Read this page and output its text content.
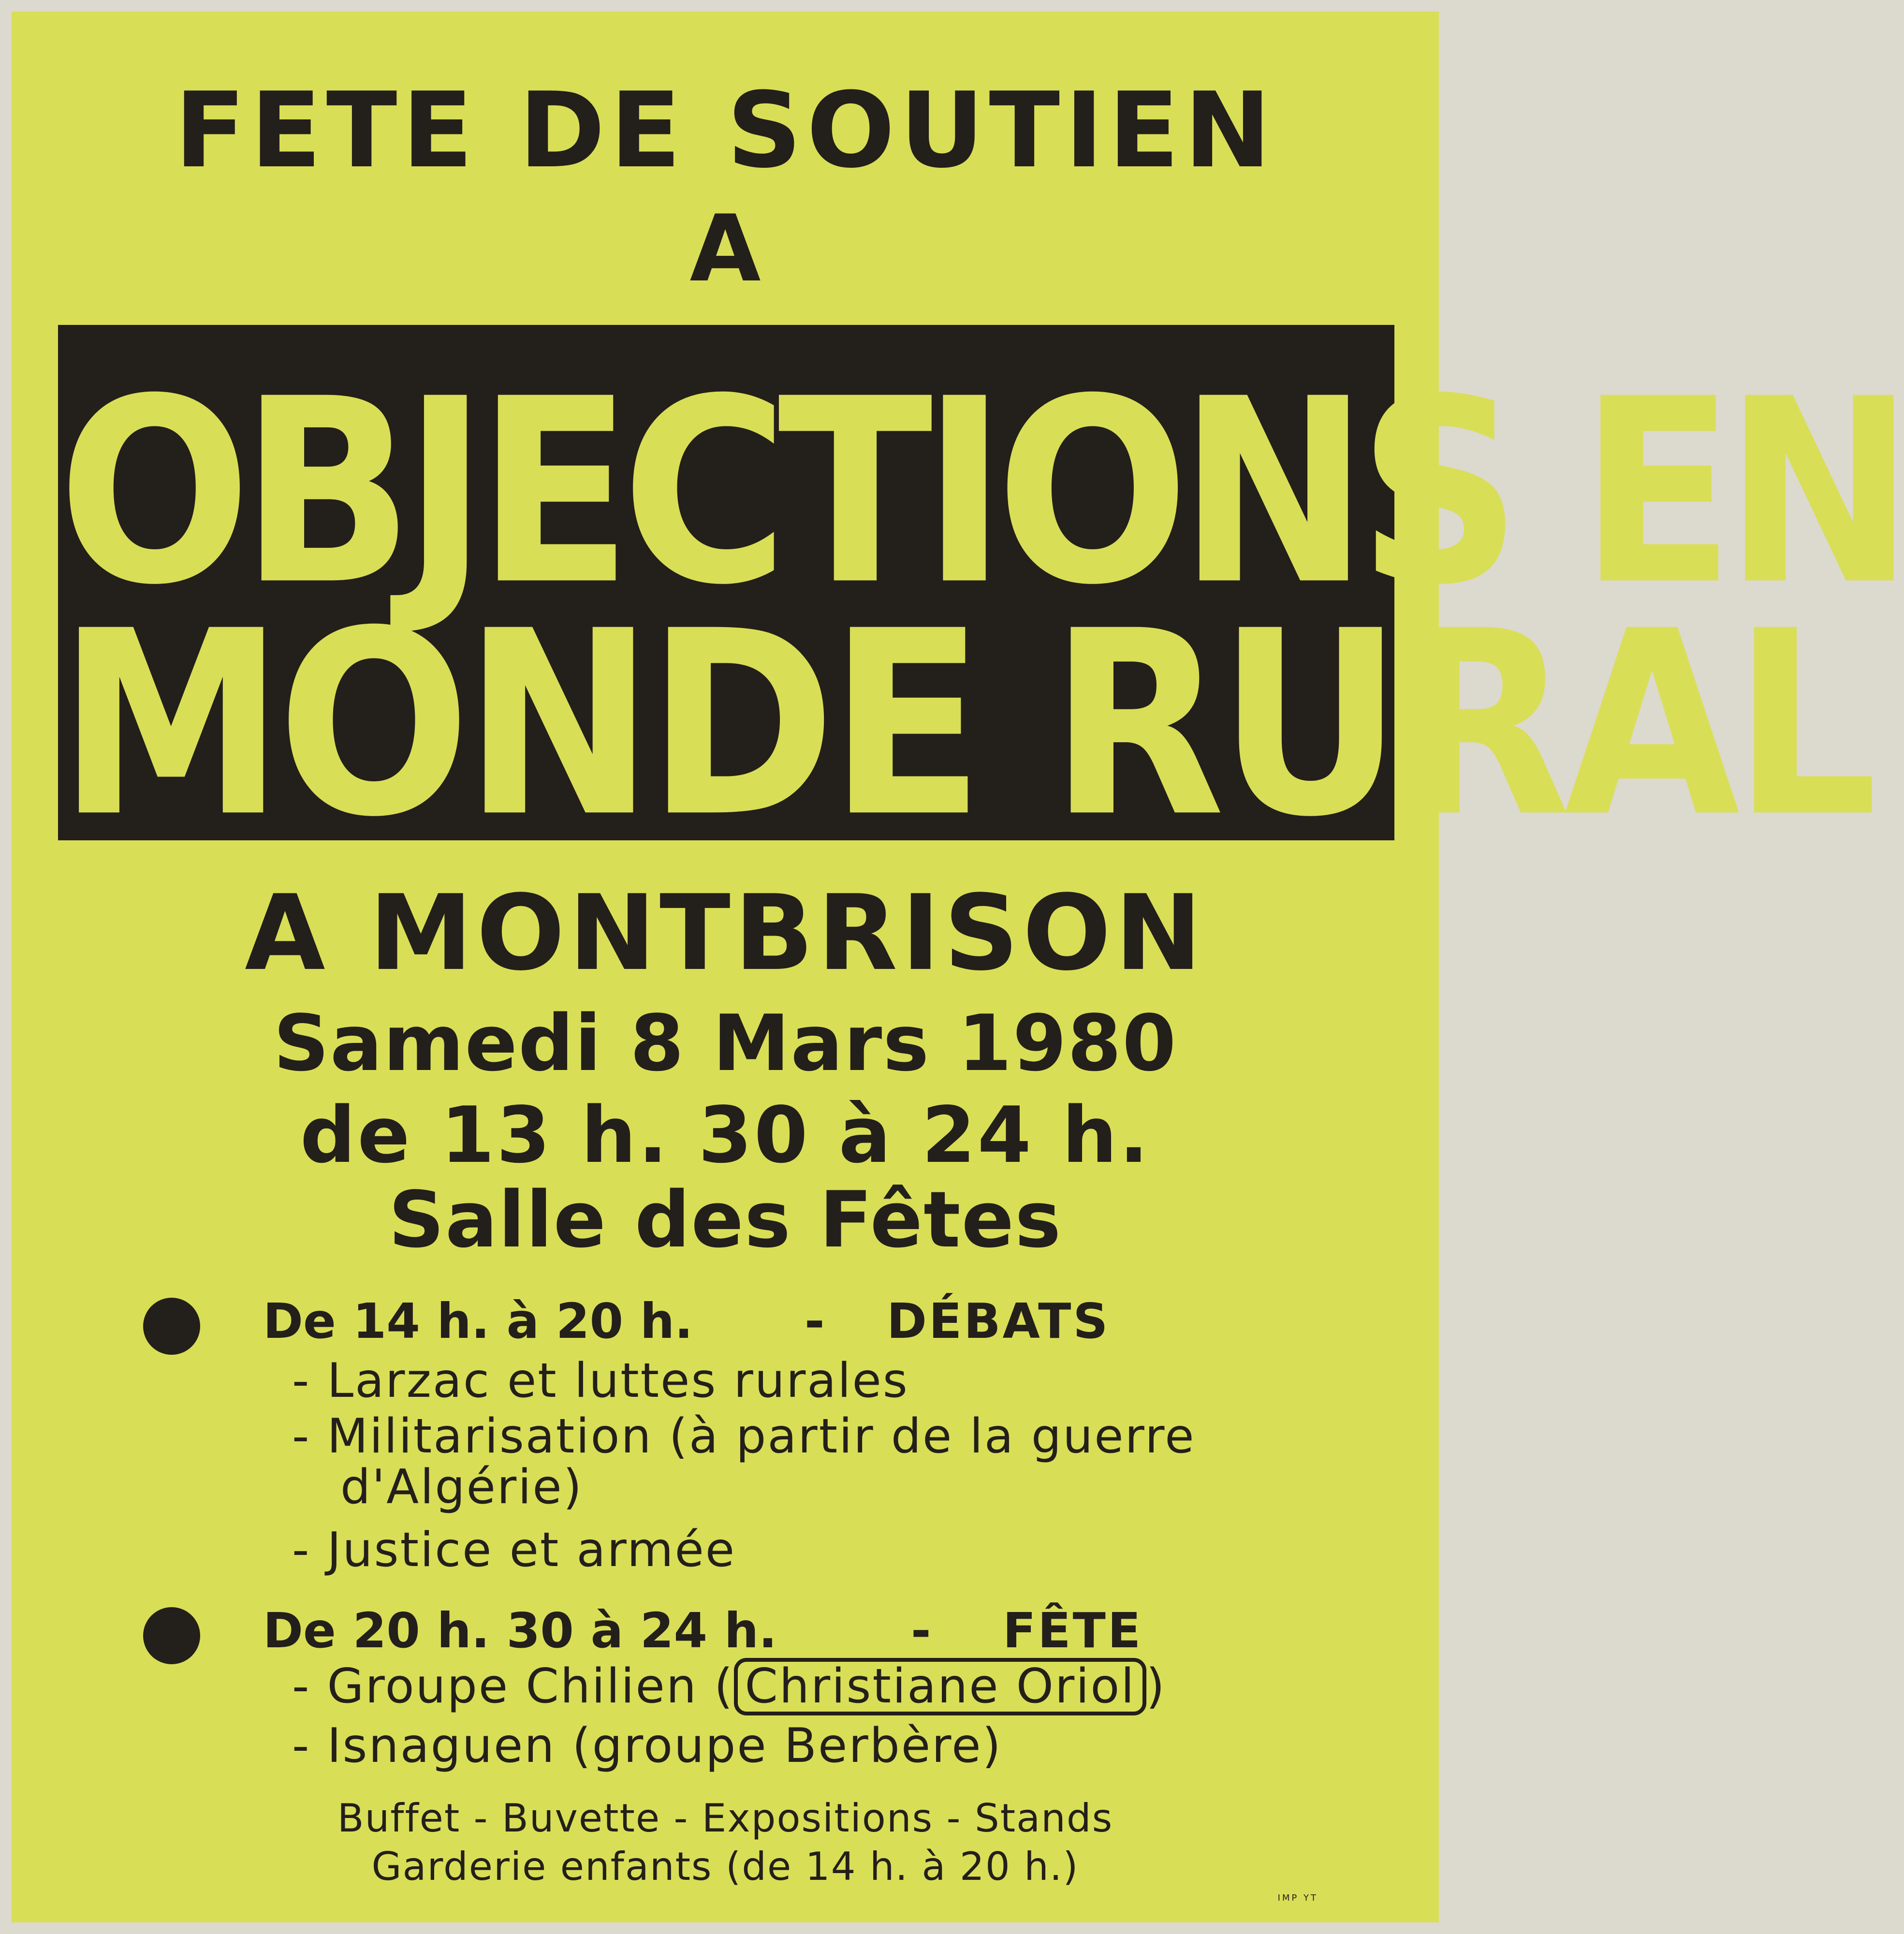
FETE DE SOUTIEN
A
OBJECTIONS EN
MONDE RURAL
A MONTBRISON
Samedi 8 Mars 1980
de 13 h. 30 à 24 h.
Salle des Fêtes
De 14 h. à 20 h. - DÉBATS
- Larzac et luttes rurales
- Militarisation (à partir de la guerre
d'Algérie)
- Justice et armée
De 20 h. 30 à 24 h.	- FÊTE
- Groupe Chilien ( Christiane Oriol )
- Isnaguen (groupe Berbère)
Buffet - Buvette - Expositions - Stands
Garderie enfants (de 14 h. à 20 h.)
IMP YT
